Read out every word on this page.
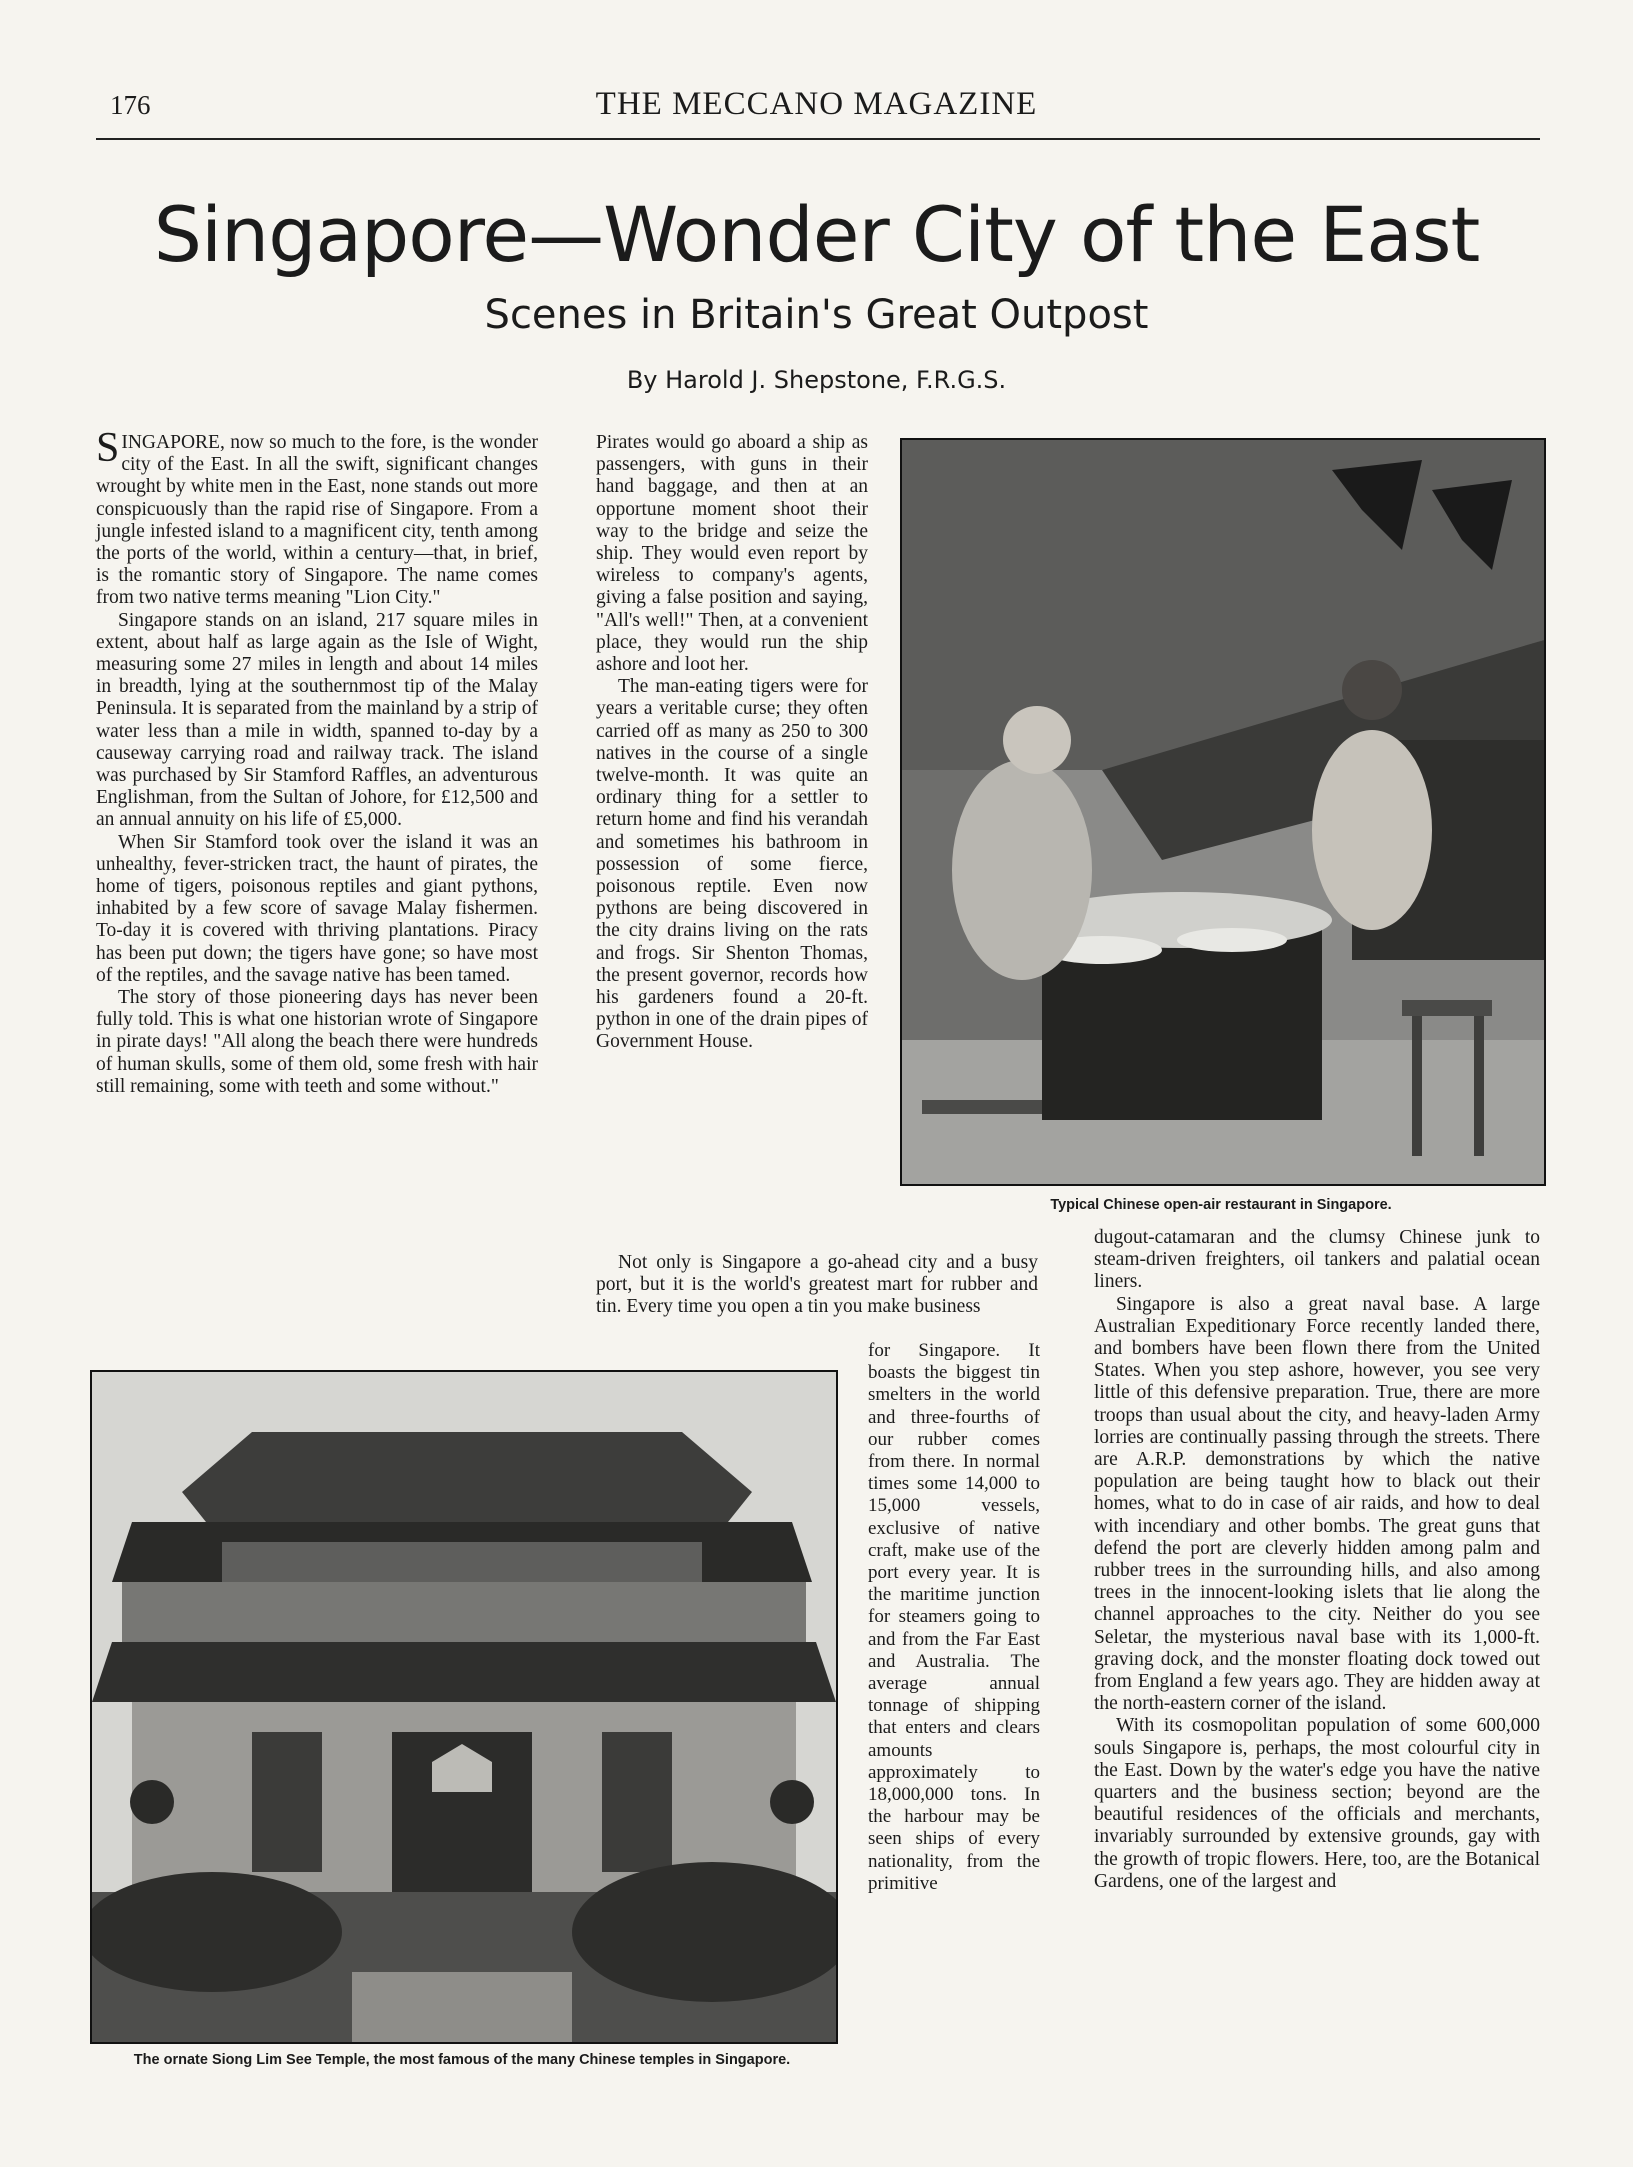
176	THE MECCANO MAGAZINE
Singapore—Wonder City of the East
Scenes in Britain's Great Outpost
By Harold J. Shepstone, F.R.G.S.

SINGAPORE, now so much to the fore, is the wonder city of the East. In all the swift, significant changes wrought by white men in the East, none stands out more conspicuously than the rapid rise of Singapore. From a jungle infested island to a magnificent city, tenth among the ports of the world, within a century—that, in brief, is the romantic story of Singapore. The name comes from two native terms meaning "Lion City."

Singapore stands on an island, 217 square miles in extent, about half as large again as the Isle of Wight, measuring some 27 miles in length and about 14 miles in breadth, lying at the southernmost tip of the Malay Peninsula. It is separated from the mainland by a strip of water less than a mile in width, spanned to-day by a causeway carrying road and railway track. The island was purchased by Sir Stamford Raffles, an adventurous Englishman, from the Sultan of Johore, for £12,500 and an annual annuity on his life of £5,000.

When Sir Stamford took over the island it was an unhealthy, fever-stricken tract, the haunt of pirates, the home of tigers, poisonous reptiles and giant pythons, inhabited by a few score of savage Malay fishermen. To-day it is covered with thriving plantations. Piracy has been put down; the tigers have gone; so have most of the reptiles, and the savage native has been tamed.

The story of those pioneering days has never been fully told. This is what one historian wrote of Singapore in pirate days! "All along the beach there were hundreds of human skulls, some of them old, some fresh with hair still remaining, some with teeth and some without."

Pirates would go aboard a ship as passengers, with guns in their hand baggage, and then at an opportune moment shoot their way to the bridge and seize the ship. They would even report by wireless to company's agents, giving a false position and saying, "All's well!" Then, at a convenient place, they would run the ship ashore and loot her.

The man-eating tigers were for years a veritable curse; they often carried off as many as 250 to 300 natives in the course of a single twelve-month. It was quite an ordinary thing for a settler to return home and find his verandah and sometimes his bathroom in possession of some fierce, poisonous reptile. Even now pythons are being discovered in the city drains living on the rats and frogs. Sir Shenton Thomas, the present governor, records how his gardeners found a 20-ft. python in one of the drain pipes of Government House.

Not only is Singapore a go-ahead city and a busy port, but it is the world's greatest mart for rubber and tin. Every time you open a tin you make business

for Singapore. It boasts the biggest tin smelters in the world and three-fourths of our rubber comes from there. In normal times some 14,000 to 15,000 vessels, exclusive of native craft, make use of the port every year. It is the maritime junction for steamers going to and from the Far East and Australia. The average annual tonnage of shipping that enters and clears amounts approximately to 18,000,000 tons. In the harbour may be seen ships of every nationality, from the primitive

dugout-catamaran and the clumsy Chinese junk to steam-driven freighters, oil tankers and palatial ocean liners.

Singapore is also a great naval base. A large Australian Expeditionary Force recently landed there, and bombers have been flown there from the United States. When you step ashore, however, you see very little of this defensive preparation. True, there are more troops than usual about the city, and heavy-laden Army lorries are continually passing through the streets. There are A.R.P. demonstrations by which the native population are being taught how to black out their homes, what to do in case of air raids, and how to deal with incendiary and other bombs. The great guns that defend the port are cleverly hidden among palm and rubber trees in the surrounding hills, and also among trees in the innocent-looking islets that lie along the channel approaches to the city. Neither do you see Seletar, the mysterious naval base with its 1,000-ft. graving dock, and the monster floating dock towed out from England a few years ago. They are hidden away at the north-eastern corner of the island.

With its cosmopolitan population of some 600,000 souls Singapore is, perhaps, the most colourful city in the East. Down by the water's edge you have the native quarters and the business section; beyond are the beautiful residences of the officials and merchants, invariably surrounded by extensive grounds, gay with the growth of tropic flowers. Here, too, are the Botanical Gardens, one of the largest and

Typical Chinese open-air restaurant in Singapore.
The ornate Siong Lim See Temple, the most famous of the many Chinese temples in Singapore.
